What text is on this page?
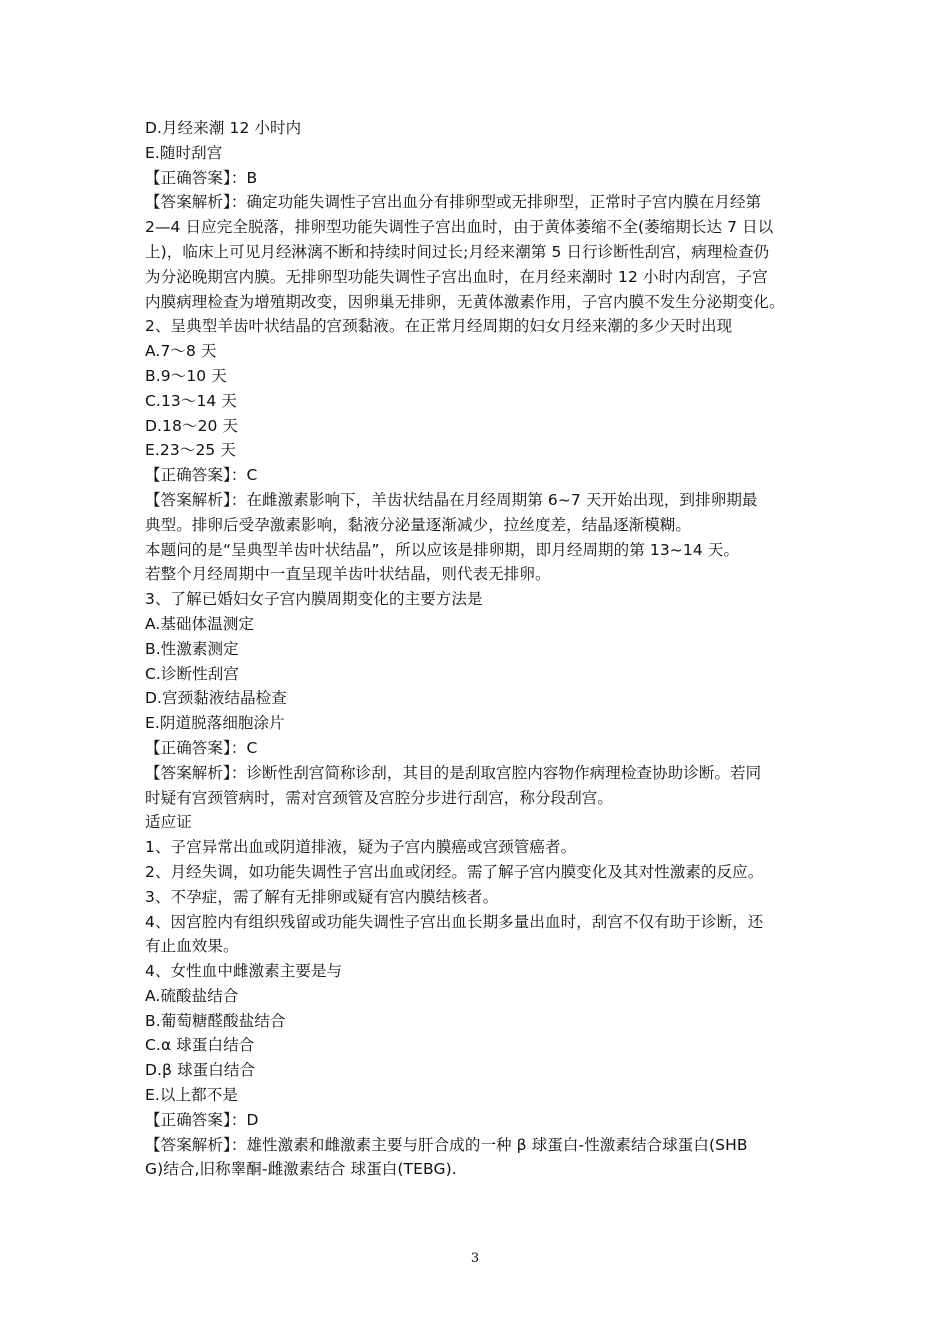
D.月经来潮 12 小时内
E.随时刮宫
【正确答案】：B
【答案解析】：确定功能失调性子宫出血分有排卵型或无排卵型，正常时子宫内膜在月经第
2—4 日应完全脱落，排卵型功能失调性子宫出血时，由于黄体萎缩不全(萎缩期长达 7 日以
上)，临床上可见月经淋漓不断和持续时间过长;月经来潮第 5 日行诊断性刮宫，病理检查仍
为分泌晚期宫内膜。无排卵型功能失调性子宫出血时，在月经来潮时 12 小时内刮宫，子宫
内膜病理检查为增殖期改变，因卵巢无排卵，无黄体激素作用，子宫内膜不发生分泌期变化。
2、呈典型羊齿叶状结晶的宫颈黏液。在正常月经周期的妇女月经来潮的多少天时出现
A.7～8 天
B.9～10 天
C.13～14 天
D.18～20 天
E.23～25 天
【正确答案】：C
【答案解析】：在雌激素影响下，羊齿状结晶在月经周期第 6~7 天开始出现，到排卵期最
典型。排卵后受孕激素影响，黏液分泌量逐渐减少，拉丝度差，结晶逐渐模糊。
本题问的是“呈典型羊齿叶状结晶”，所以应该是排卵期，即月经周期的第 13~14 天。
若整个月经周期中一直呈现羊齿叶状结晶，则代表无排卵。
3、了解已婚妇女子宫内膜周期变化的主要方法是
A.基础体温测定
B.性激素测定
C.诊断性刮宫
D.宫颈黏液结晶检查
E.阴道脱落细胞涂片
【正确答案】：C
【答案解析】：诊断性刮宫简称诊刮，其目的是刮取宫腔内容物作病理检查协助诊断。若同
时疑有宫颈管病时，需对宫颈管及宫腔分步进行刮宫，称分段刮宫。
适应证
1、子宫异常出血或阴道排液，疑为子宫内膜癌或宫颈管癌者。
2、月经失调，如功能失调性子宫出血或闭经。需了解子宫内膜变化及其对性激素的反应。
3、不孕症，需了解有无排卵或疑有宫内膜结核者。
4、因宫腔内有组织残留或功能失调性子宫出血长期多量出血时，刮宫不仅有助于诊断，还
有止血效果。
4、女性血中雌激素主要是与
A.硫酸盐结合
B.葡萄糖醛酸盐结合
C.α 球蛋白结合
D.β 球蛋白结合
E.以上都不是
【正确答案】：D
【答案解析】：雄性激素和雌激素主要与肝合成的一种 β 球蛋白-性激素结合球蛋白(SHB
G)结合,旧称睾酮-雌激素结合 球蛋白(TEBG).
3
